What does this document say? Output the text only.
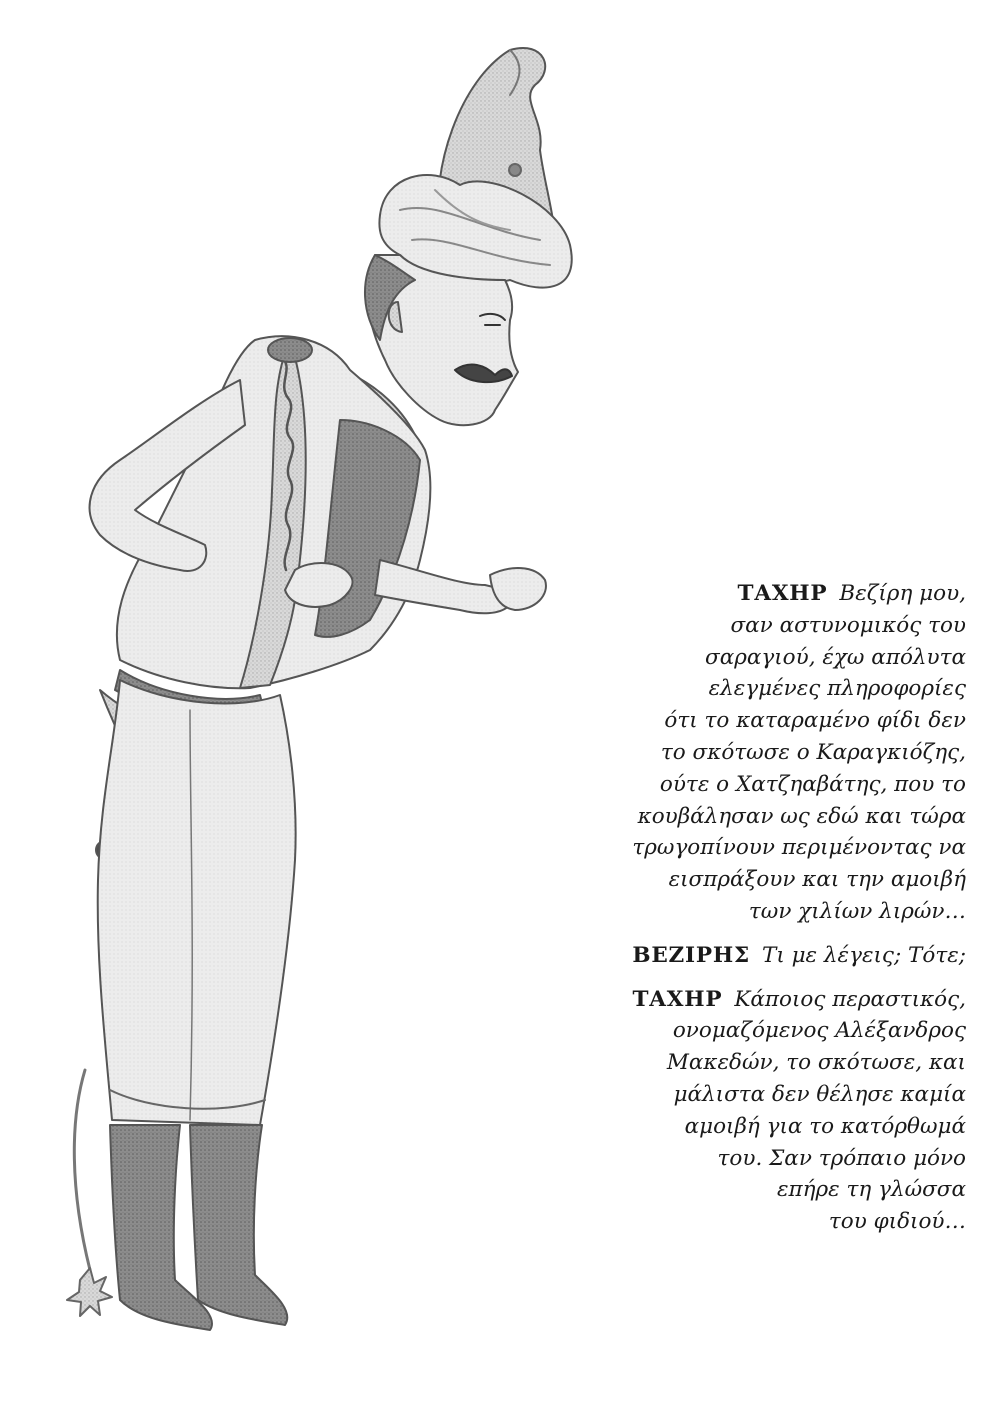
ΤΑΧΗΡ Βεζίρη μου,
σαν αστυνομικός του
σαραγιού, έχω απόλυτα
ελεγμένες πληροφορίες
ότι το καταραμένο φίδι δεν
το σκότωσε ο Καραγκιόζης,
ούτε ο Χατζηαβάτης, που το
κουβάλησαν ως εδώ και τώρα
τρωγοπίνουν περιμένοντας να
εισπράξουν και την αμοιβή
των χιλίων λιρών…
ΒΕΖΙΡΗΣ Τι με λέγεις; Τότε;
ΤΑΧΗΡ Κάποιος περαστικός,
ονομαζόμενος Αλέξανδρος
Μακεδών, το σκότωσε, και
μάλιστα δεν θέλησε καμία
αμοιβή για το κατόρθωμά
του. Σαν τρόπαιο μόνο
επήρε τη γλώσσα
του φιδιού…
